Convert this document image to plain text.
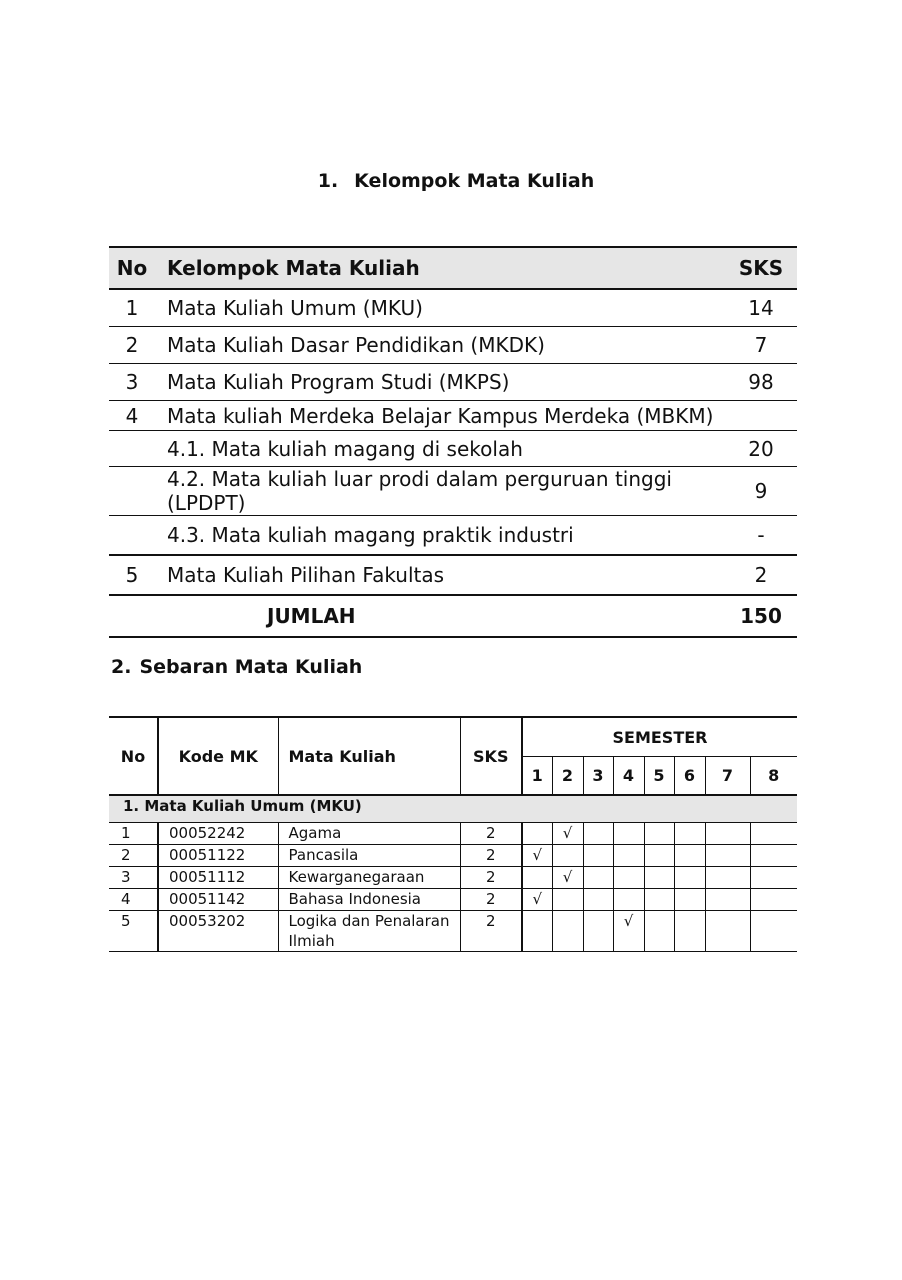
1. Kelompok Mata Kuliah
No	Kelompok Mata Kuliah	SKS
1	Mata Kuliah Umum (MKU)	14
2	Mata Kuliah Dasar Pendidikan (MKDK)	7
3	Mata Kuliah Program Studi (MKPS)	98
4	Mata kuliah Merdeka Belajar Kampus Merdeka (MBKM)	
	4.1. Mata kuliah magang di sekolah	20
	4.2. Mata kuliah luar prodi dalam perguruan tinggi (LPDPT)	9
	4.3. Mata kuliah magang praktik industri	-
5	Mata Kuliah Pilihan Fakultas	2
	JUMLAH	150
2. Sebaran Mata Kuliah
No	Kode MK	Mata Kuliah	SKS	SEMESTER							
				1	2	3	4	5	6	7	8
1. Mata Kuliah Umum (MKU)											
1	00052242	Agama	2		√						
2	00051122	Pancasila	2	√							
3	00051112	Kewarganegaraan	2		√						
4	00051142	Bahasa Indonesia	2	√							
5	00053202	Logika dan Penalaran Ilmiah	2				√				
